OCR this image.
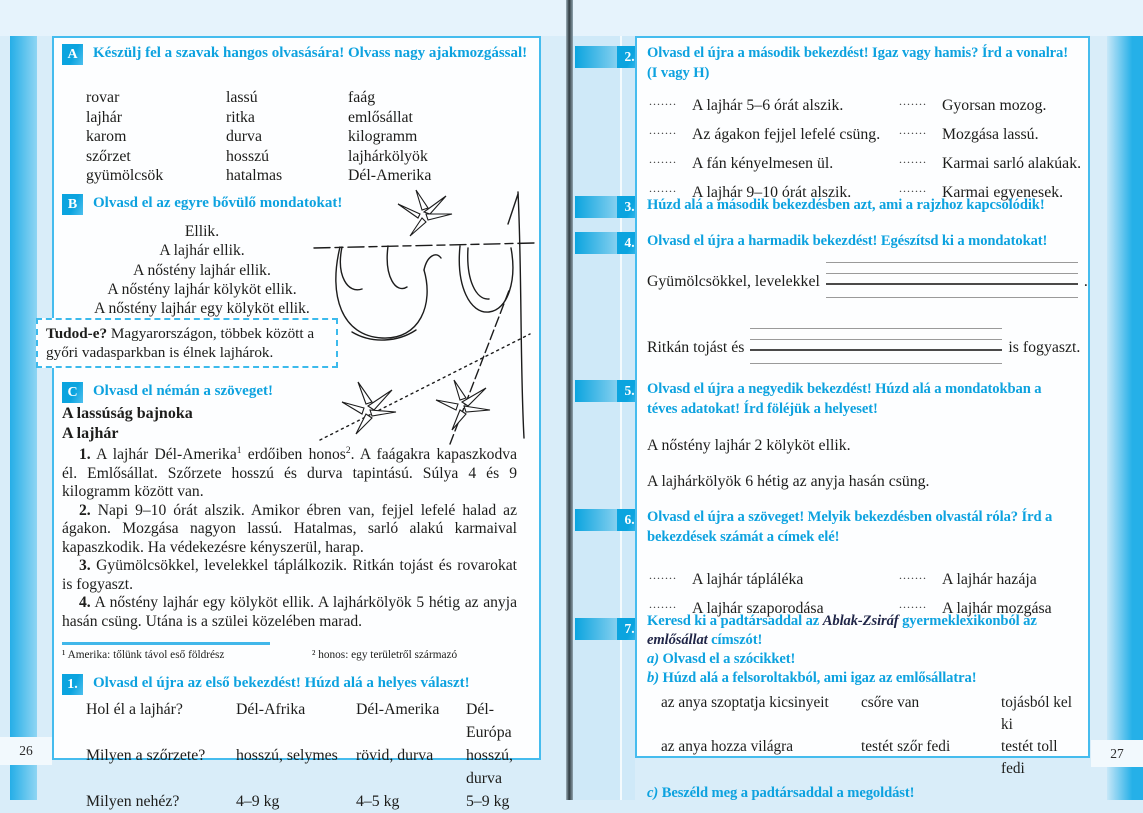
26
A	Készülj fel a szavak hangos olvasására! Olvass nagy ajakmozgással!
rovar	lassú	faág
lajhár	ritka	emlősállat
karom	durva	kilogramm
szőrzet	hosszú	lajhárkölyök
gyümölcsök	hatalmas	Dél-Amerika
B	Olvasd el az egyre bővülő mondatokat!
Ellik.
A lajhár ellik.
A nőstény lajhár ellik.
A nőstény lajhár kölyköt ellik.
A nőstény lajhár egy kölyköt ellik.
Tudod-e? Magyarországon, többek között a győri vadasparkban is élnek lajhárok.
C	Olvasd el némán a szöveget!
A lassúság bajnoka
A lajhár

1. A lajhár Dél-Amerika$^1$ erdőiben honos$^2$. A faágakra kapaszkodva él. Emlősállat. Szőrzete hosszú és durva tapintású. Súlya 4 és 9 kilogramm között van.

2. Napi 9–10 órát alszik. Amikor ébren van, fejjel lefelé halad az ágakon. Mozgása nagyon lassú. Hatalmas, sarló alakú karmaival kapaszkodik. Ha védekezésre kényszerül, harap.

3. Gyümölcsökkel, levelekkel táplálkozik. Ritkán tojást és rovarokat is fogyaszt.

4. A nőstény lajhár egy kölyköt ellik. A lajhárkölyök 5 hétig az anyja hasán csüng. Utána is a szülei közelében marad.

¹ Amerika: tőlünk távol eső földrész	² honos: egy területről származó
1.	Olvasd el újra az első bekezdést! Húzd alá a helyes választ!
Hol él a lajhár?	Dél-Afrika	Dél-Amerika	Dél-Európa
Milyen a szőrzete?	hosszú, selymes	rövid, durva	hosszú, durva
Milyen nehéz?	4–9 kg	4–5 kg	5–9 kg
2.
3.
4.
5.
6.
7.
Olvasd el újra a második bekezdést! Igaz vagy hamis? Írd a vonalra! (I vagy H)
....... A lajhár 5–6 órát alszik.	....... Gyorsan mozog.
....... Az ágakon fejjel lefelé csüng.	....... Mozgása lassú.
....... A fán kényelmesen ül.	....... Karmai sarló alakúak.
....... A lajhár 9–10 órát alszik.	....... Karmai egyenesek.
Húzd alá a második bekezdésben azt, ami a rajzhoz kapcsolódik!
Olvasd el újra a harmadik bekezdést! Egészítsd ki a mondatokat!
Gyümölcsökkel, levelekkel	.
Ritkán tojást és	is fogyaszt.
Olvasd el újra a negyedik bekezdést! Húzd alá a mondatokban a téves adatokat! Írd föléjük a helyeset!
A nőstény lajhár 2 kölyköt ellik.
A lajhárkölyök 6 hétig az anyja hasán csüng.
Olvasd el újra a szöveget! Melyik bekezdésben olvastál róla? Írd a bekezdések számát a címek elé!
....... A lajhár tápláléka	....... A lajhár hazája
....... A lajhár szaporodása	....... A lajhár mozgása
Keresd ki a padtársaddal az Ablak-Zsiráf gyermeklexikonból az emlősállat címszót!
a) Olvasd el a szócikket!
b) Húzd alá a felsoroltakból, ami igaz az emlősállatra!
az anya szoptatja kicsinyeit	csőre van	tojásból kel ki
az anya hozza világra	testét szőr fedi	testét toll fedi
c) Beszéld meg a padtársaddal a megoldást!
27
